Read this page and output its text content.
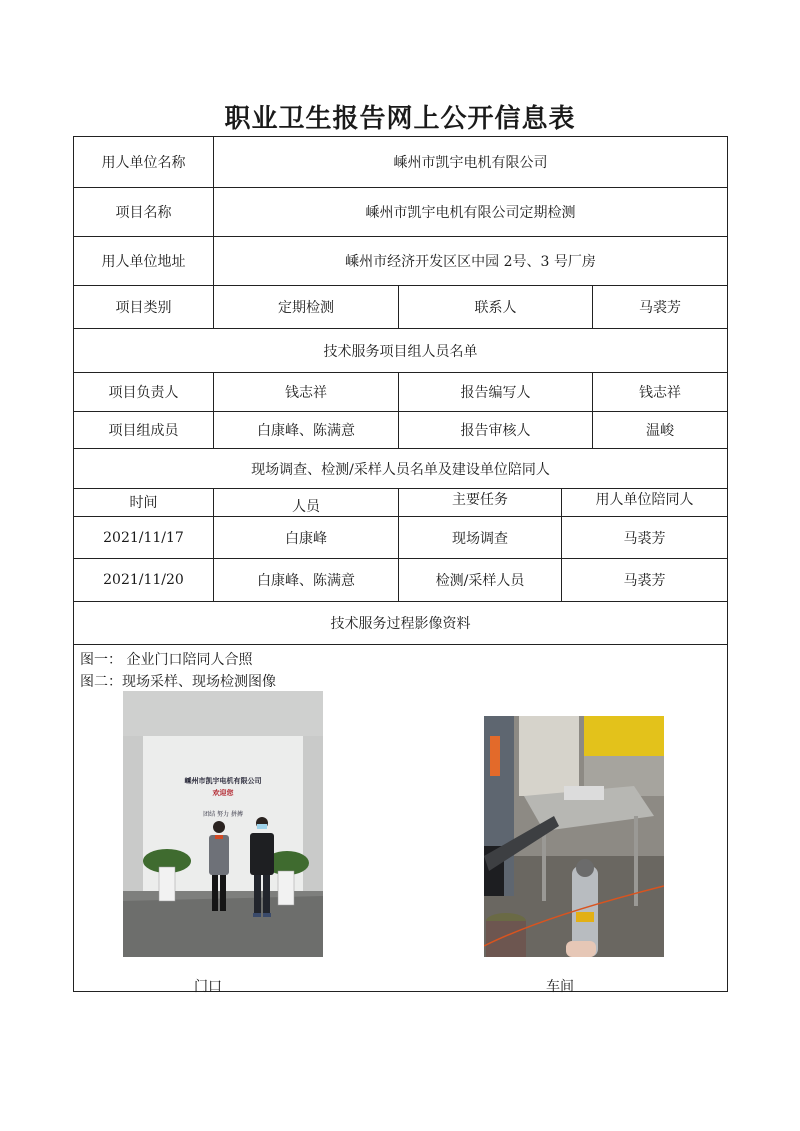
职业卫生报告网上公开信息表
用人单位名称	嵊州市凯宇电机有限公司
项目名称	嵊州市凯宇电机有限公司定期检测
用人单位地址	嵊州市经济开发区区中园 2号、3 号厂房
项目类别	定期检测	联系人	马裘芳
技术服务项目组人员名单
项目负责人	钱志祥	报告编写人	钱志祥
项目组成员	白康峰、陈满意	报告审核人	温峻
现场调查、检测/采样人员名单及建设单位陪同人
时间	人员	主要任务	用人单位陪同人
2021/11/17	白康峰	现场调查	马裘芳
2021/11/20	白康峰、陈满意	检测/采样人员	马裘芳
技术服务过程影像资料
图一： 企业门口陪同人合照
图二：现场采样、现场检测图像
嵊州市凯宇电机有限公司
欢迎您
团结 努力 拼搏
门口	车间
